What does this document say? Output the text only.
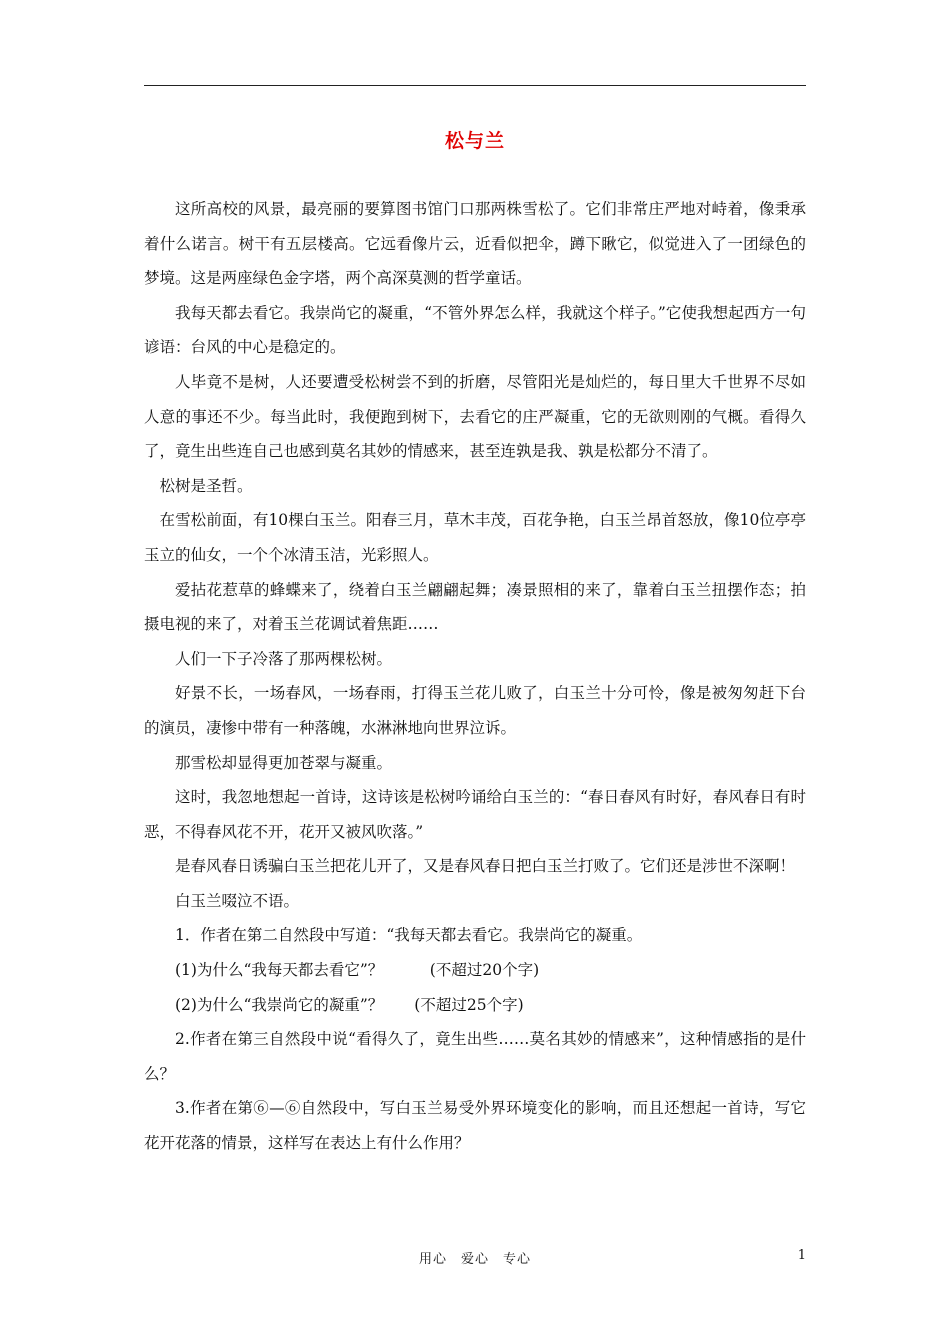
松与兰

这所高校的风景，最亮丽的要算图书馆门口那两株雪松了。它们非常庄严地对峙着，像秉承着什么诺言。树干有五层楼高。它远看像片云，近看似把伞，蹲下瞅它，似觉进入了一团绿色的梦境。这是两座绿色金字塔，两个高深莫测的哲学童话。

我每天都去看它。我崇尚它的凝重，“不管外界怎么样，我就这个样子。”它使我想起西方一句谚语：台风的中心是稳定的。

人毕竟不是树，人还要遭受松树尝不到的折磨，尽管阳光是灿烂的，每日里大千世界不尽如人意的事还不少。每当此时，我便跑到树下，去看它的庄严凝重，它的无欲则刚的气概。看得久了，竟生出些连自己也感到莫名其妙的情感来，甚至连孰是我、孰是松都分不清了。

松树是圣哲。

在雪松前面，有10棵白玉兰。阳春三月，草木丰茂，百花争艳，白玉兰昂首怒放，像10位亭亭玉立的仙女，一个个冰清玉洁，光彩照人。

爱拈花惹草的蜂蝶来了，绕着白玉兰翩翩起舞；凑景照相的来了，靠着白玉兰扭摆作态；拍摄电视的来了，对着玉兰花调试着焦距……

人们一下子冷落了那两棵松树。

好景不长，一场春风，一场春雨，打得玉兰花儿败了，白玉兰十分可怜，像是被匆匆赶下台的演员，凄惨中带有一种落魄，水淋淋地向世界泣诉。

那雪松却显得更加苍翠与凝重。

这时，我忽地想起一首诗，这诗该是松树吟诵给白玉兰的：“春日春风有时好，春风春日有时恶，不得春风花不开，花开又被风吹落。”

是春风春日诱骗白玉兰把花儿开了，又是春风春日把白玉兰打败了。它们还是涉世不深啊！

白玉兰啜泣不语。

1．作者在第二自然段中写道：“我每天都去看它。我崇尚它的凝重。

(1)为什么“我每天都去看它”？　　　(不超过20个字)

(2)为什么“我崇尚它的凝重”？　　(不超过25个字)

2.作者在第三自然段中说“看得久了，竟生出些……莫名其妙的情感来”，这种情感指的是什么？

3.作者在第⑥—⑥自然段中，写白玉兰易受外界环境变化的影响，而且还想起一首诗，写它花开花落的情景，这样写在表达上有什么作用？

用心　爱心　专心	1
